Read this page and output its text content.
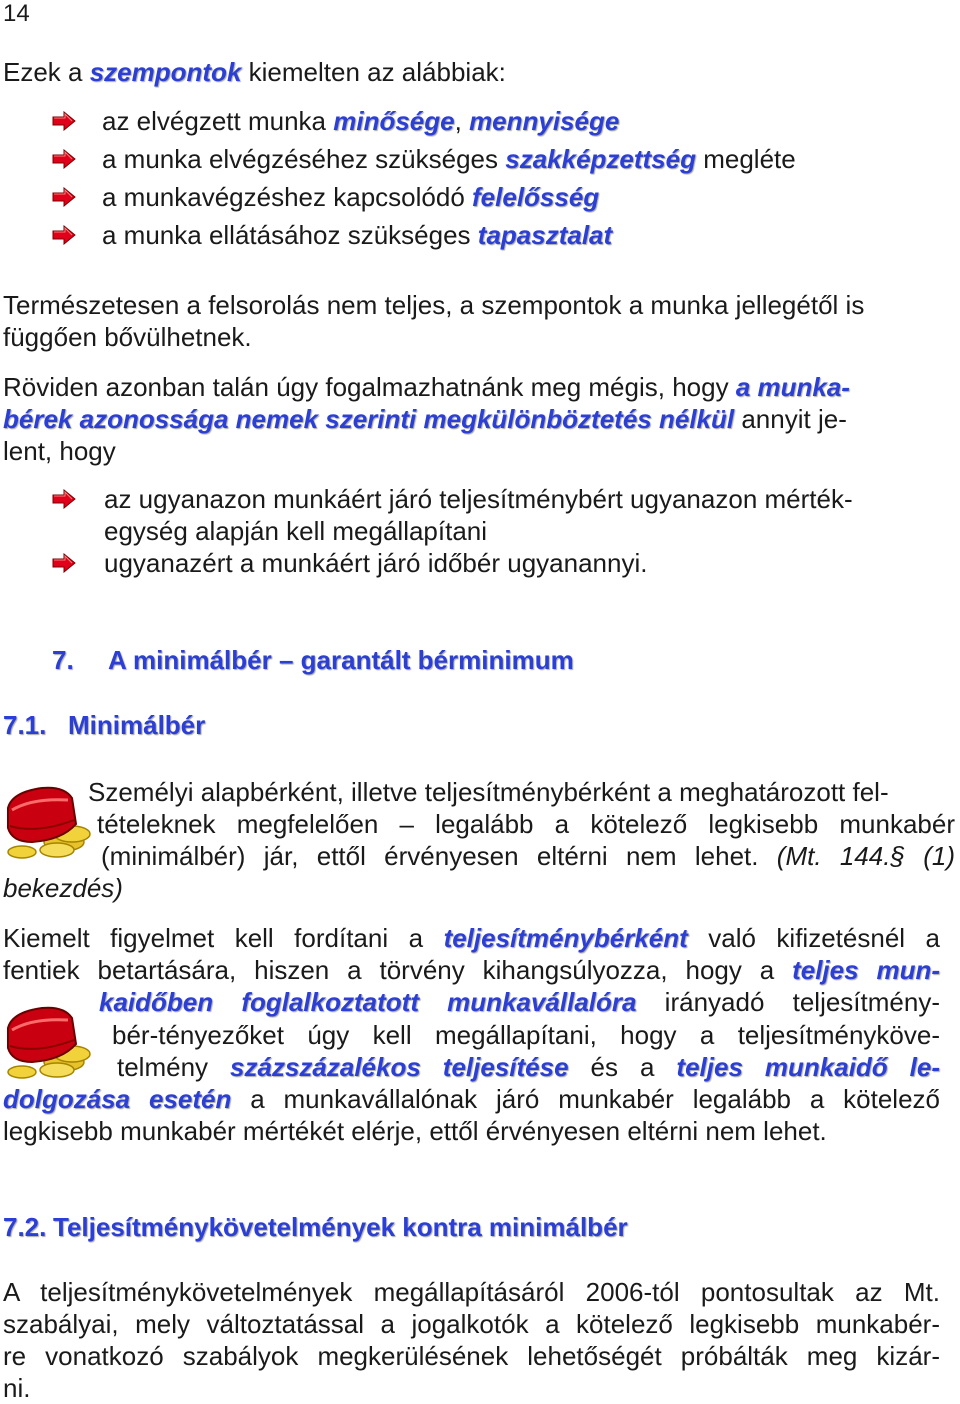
14
Ezek a szempontok kiemelten az alábbiak:
az elvégzett munka minősége, mennyisége
a munka elvégzéséhez szükséges szakképzettség megléte
a munkavégzéshez kapcsolódó felelősség
a munka ellátásához szükséges tapasztalat
Természetesen a felsorolás nem teljes, a szempontok a munka jellegétől is
függően bővülhetnek.
Röviden azonban talán úgy fogalmazhatnánk meg mégis, hogy a munka-
bérek azonossága nemek szerinti megkülönböztetés nélkül annyit je-
lent, hogy
az ugyanazon munkáért járó teljesítménybért ugyanazon mérték-
egység alapján kell megállapítani
ugyanazért a munkáért járó időbér ugyanannyi.
7. A minimálbér – garantált bérminimum
7.1. Minimálbér
Személyi alapbérként, illetve teljesítménybérként a meghatározott fel-
tételeknek megfelelően – legalább a kötelező legkisebb munkabér
(minimálbér) jár, ettől érvényesen eltérni nem lehet. (Mt. 144.§ (1)
bekezdés)
Kiemelt figyelmet kell fordítani a teljesítménybérként való kifizetésnél a
fentiek betartására, hiszen a törvény kihangsúlyozza, hogy a teljes mun-
kaidőben foglalkoztatott munkavállalóra irányadó teljesítmény-
bér-tényezőket úgy kell megállapítani, hogy a teljesítménykövе-
telmény százszázalékos teljesítése és a teljes munkaidő le-
dolgozása esetén a munkavállalónak járó munkabér legalább a kötelező
legkisebb munkabér mértékét elérje, ettől érvényesen eltérni nem lehet.
7.2. Teljesítménykövetelmények kontra minimálbér
A teljesítménykövetelmények megállapításáról 2006-tól pontosultak az Mt.
szabályai, mely változtatással a jogalkotók a kötelező legkisebb munkabér-
re vonatkozó szabályok megkerülésének lehetőségét próbálták meg kizár-
ni.
